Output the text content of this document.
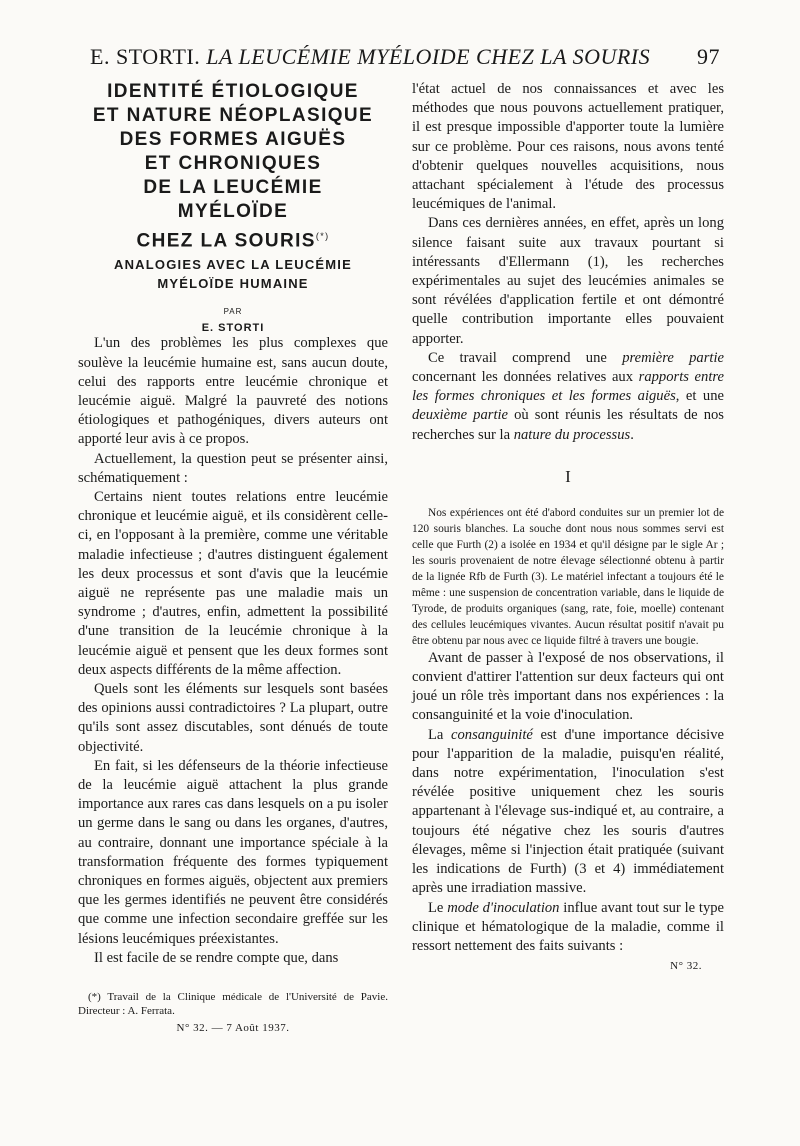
E. STORTI. LA LEUCÉMIE MYÉLOIDE CHEZ LA SOURIS 97
IDENTITÉ ÉTIOLOGIQUE
ET NATURE NÉOPLASIQUE
DES FORMES AIGUËS
ET CHRONIQUES
DE LA LEUCÉMIE
MYÉLOÏDE
CHEZ LA SOURIS(*)
ANALOGIES AVEC LA LEUCÉMIE
MYÉLOÏDE HUMAINE
PAR
E. STORTI

L'un des problèmes les plus complexes que soulève la leucémie humaine est, sans aucun doute, celui des rapports entre leucémie chronique et leucémie aiguë. Malgré la pauvreté des notions étiologiques et pathogéniques, divers auteurs ont apporté leur avis à ce propos.

Actuellement, la question peut se présenter ainsi, schématiquement :

Certains nient toutes relations entre leucémie chronique et leucémie aiguë, et ils considèrent celle-ci, en l'opposant à la première, comme une véritable maladie infectieuse ; d'autres distinguent également les deux processus et sont d'avis que la leucémie aiguë ne représente pas une maladie mais un syndrome ; d'autres, enfin, admettent la possibilité d'une transition de la leucémie chronique à la leucémie aiguë et pensent que les deux formes sont deux aspects différents de la même affection.

Quels sont les éléments sur lesquels sont basées des opinions aussi contradictoires ? La plupart, outre qu'ils sont assez discutables, sont dénués de toute objectivité.

En fait, si les défenseurs de la théorie infectieuse de la leucémie aiguë attachent la plus grande importance aux rares cas dans lesquels on a pu isoler un germe dans le sang ou dans les organes, d'autres, au contraire, donnant une importance spéciale à la transformation fréquente des formes typiquement chroniques en formes aiguës, objectent aux premiers que les germes identifiés ne peuvent être considérés que comme une infection secondaire greffée sur les lésions leucémiques préexistantes.

Il est facile de se rendre compte que, dans

(*) Travail de la Clinique médicale de l'Université de Pavie. Directeur : A. Ferrata.

N° 32. — 7 Août 1937.

l'état actuel de nos connaissances et avec les méthodes que nous pouvons actuellement pratiquer, il est presque impossible d'apporter toute la lumière sur ce problème. Pour ces raisons, nous avons tenté d'obtenir quelques nouvelles acquisitions, nous attachant spécialement à l'étude des processus leucémiques de l'animal.

Dans ces dernières années, en effet, après un long silence faisant suite aux travaux pourtant si intéressants d'Ellermann (1), les recherches expérimentales au sujet des leucémies animales se sont révélées d'application fertile et ont démontré quelle contribution importante elles pouvaient apporter.

Ce travail comprend une première partie concernant les données relatives aux rapports entre les formes chroniques et les formes aiguës, et une deuxième partie où sont réunis les résultats de nos recherches sur la nature du processus.

I

Nos expériences ont été d'abord conduites sur un premier lot de 120 souris blanches. La souche dont nous nous sommes servi est celle que Furth (2) a isolée en 1934 et qu'il désigne par le sigle Ar ; les souris provenaient de notre élevage sélectionné obtenu à partir de la lignée Rfb de Furth (3). Le matériel infectant a toujours été le même : une suspension de concentration variable, dans le liquide de Tyrode, de produits organiques (sang, rate, foie, moelle) contenant des cellules leucémiques vivantes. Aucun résultat positif n'avait pu être obtenu par nous avec ce liquide filtré à travers une bougie.

Avant de passer à l'exposé de nos observations, il convient d'attirer l'attention sur deux facteurs qui ont joué un rôle très important dans nos expériences : la consanguinité et la voie d'inoculation.

La consanguinité est d'une importance décisive pour l'apparition de la maladie, puisqu'en réalité, dans notre expérimentation, l'inoculation s'est révélée positive uniquement chez les souris appartenant à l'élevage sus-indiqué et, au contraire, a toujours été négative chez les souris d'autres élevages, même si l'injection était pratiquée (suivant les indications de Furth) (3 et 4) immédiatement après une irradiation massive.

Le mode d'inoculation influe avant tout sur le type clinique et hématologique de la maladie, comme il ressort nettement des faits suivants :

N° 32.
